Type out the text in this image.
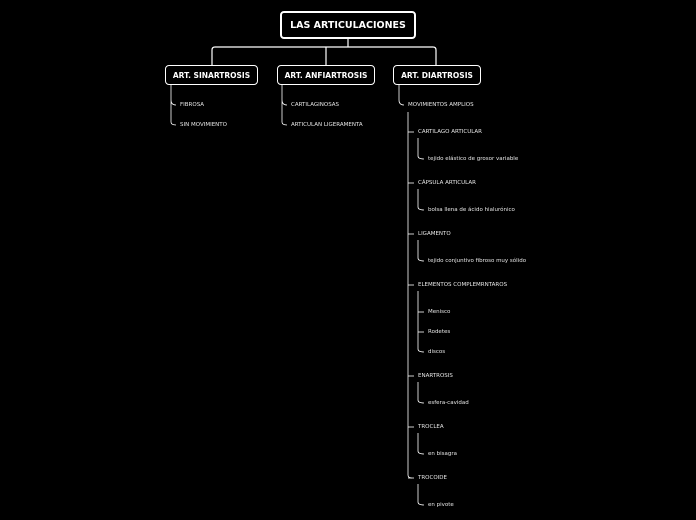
LAS ARTICULACIONES
ART. SINARTROSIS	ART. ANFIARTROSIS	ART. DIARTROSIS
FIBROSA
SIN MOVIMIENTO
CARTILAGINOSAS
ARTICULAN LIGERAMENTA
MOVIMIENTOS AMPLIOS
CARTILAGO ARTICULAR
tejido elástico de grosor variable
CÁPSULA ARTICULAR
bolsa llena de ácido hialurónico
LIGAMENTO
tejido conjuntivo fibroso muy sólido
ELEMENTOS COMPLEMRNTAROS
Menisco
Rodetes
discos
ENARTROSIS
esfera-cavidad
TROCLEA
en bisagra
TROCOIDE
en pivote
